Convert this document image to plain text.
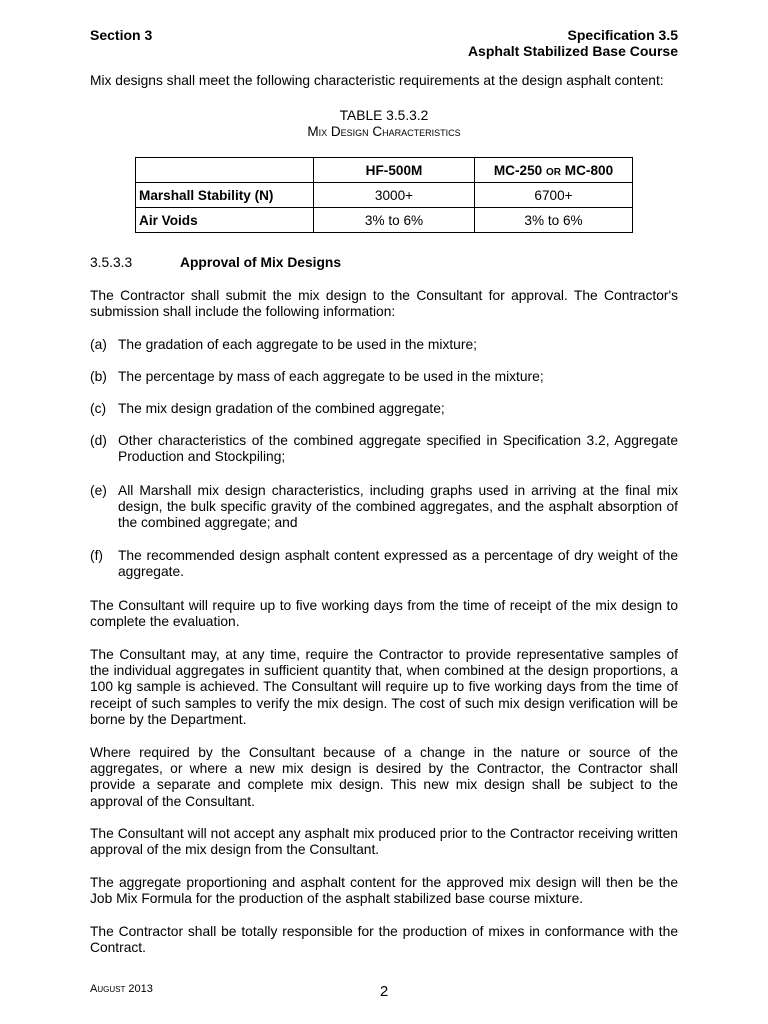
Section 3	Specification 3.5
Asphalt Stabilized Base Course

Mix designs shall meet the following characteristic requirements at the design asphalt content:

TABLE 3.5.3.2
Mix Design Characteristics
	HF-500M	MC-250 or MC-800
Marshall Stability (N)	3000+	6700+
Air Voids	3% to 6%	3% to 6%
3.5.3.3	Approval of Mix Designs

The Contractor shall submit the mix design to the Consultant for approval. The Contractor's submission shall include the following information:

(a) The gradation of each aggregate to be used in the mixture;
(b) The percentage by mass of each aggregate to be used in the mixture;
(c) The mix design gradation of the combined aggregate;
(d) Other characteristics of the combined aggregate specified in Specification 3.2, Aggregate Production and Stockpiling;
(e) All Marshall mix design characteristics, including graphs used in arriving at the final mix design, the bulk specific gravity of the combined aggregates, and the asphalt absorption of the combined aggregate; and
(f) The recommended design asphalt content expressed as a percentage of dry weight of the aggregate.

The Consultant will require up to five working days from the time of receipt of the mix design to complete the evaluation.

The Consultant may, at any time, require the Contractor to provide representative samples of the individual aggregates in sufficient quantity that, when combined at the design proportions, a 100 kg sample is achieved. The Consultant will require up to five working days from the time of receipt of such samples to verify the mix design. The cost of such mix design verification will be borne by the Department.

Where required by the Consultant because of a change in the nature or source of the aggregates, or where a new mix design is desired by the Contractor, the Contractor shall provide a separate and complete mix design. This new mix design shall be subject to the approval of the Consultant.

The Consultant will not accept any asphalt mix produced prior to the Contractor receiving written approval of the mix design from the Consultant.

The aggregate proportioning and asphalt content for the approved mix design will then be the Job Mix Formula for the production of the asphalt stabilized base course mixture.

The Contractor shall be totally responsible for the production of mixes in conformance with the Contract.

August 2013	2
